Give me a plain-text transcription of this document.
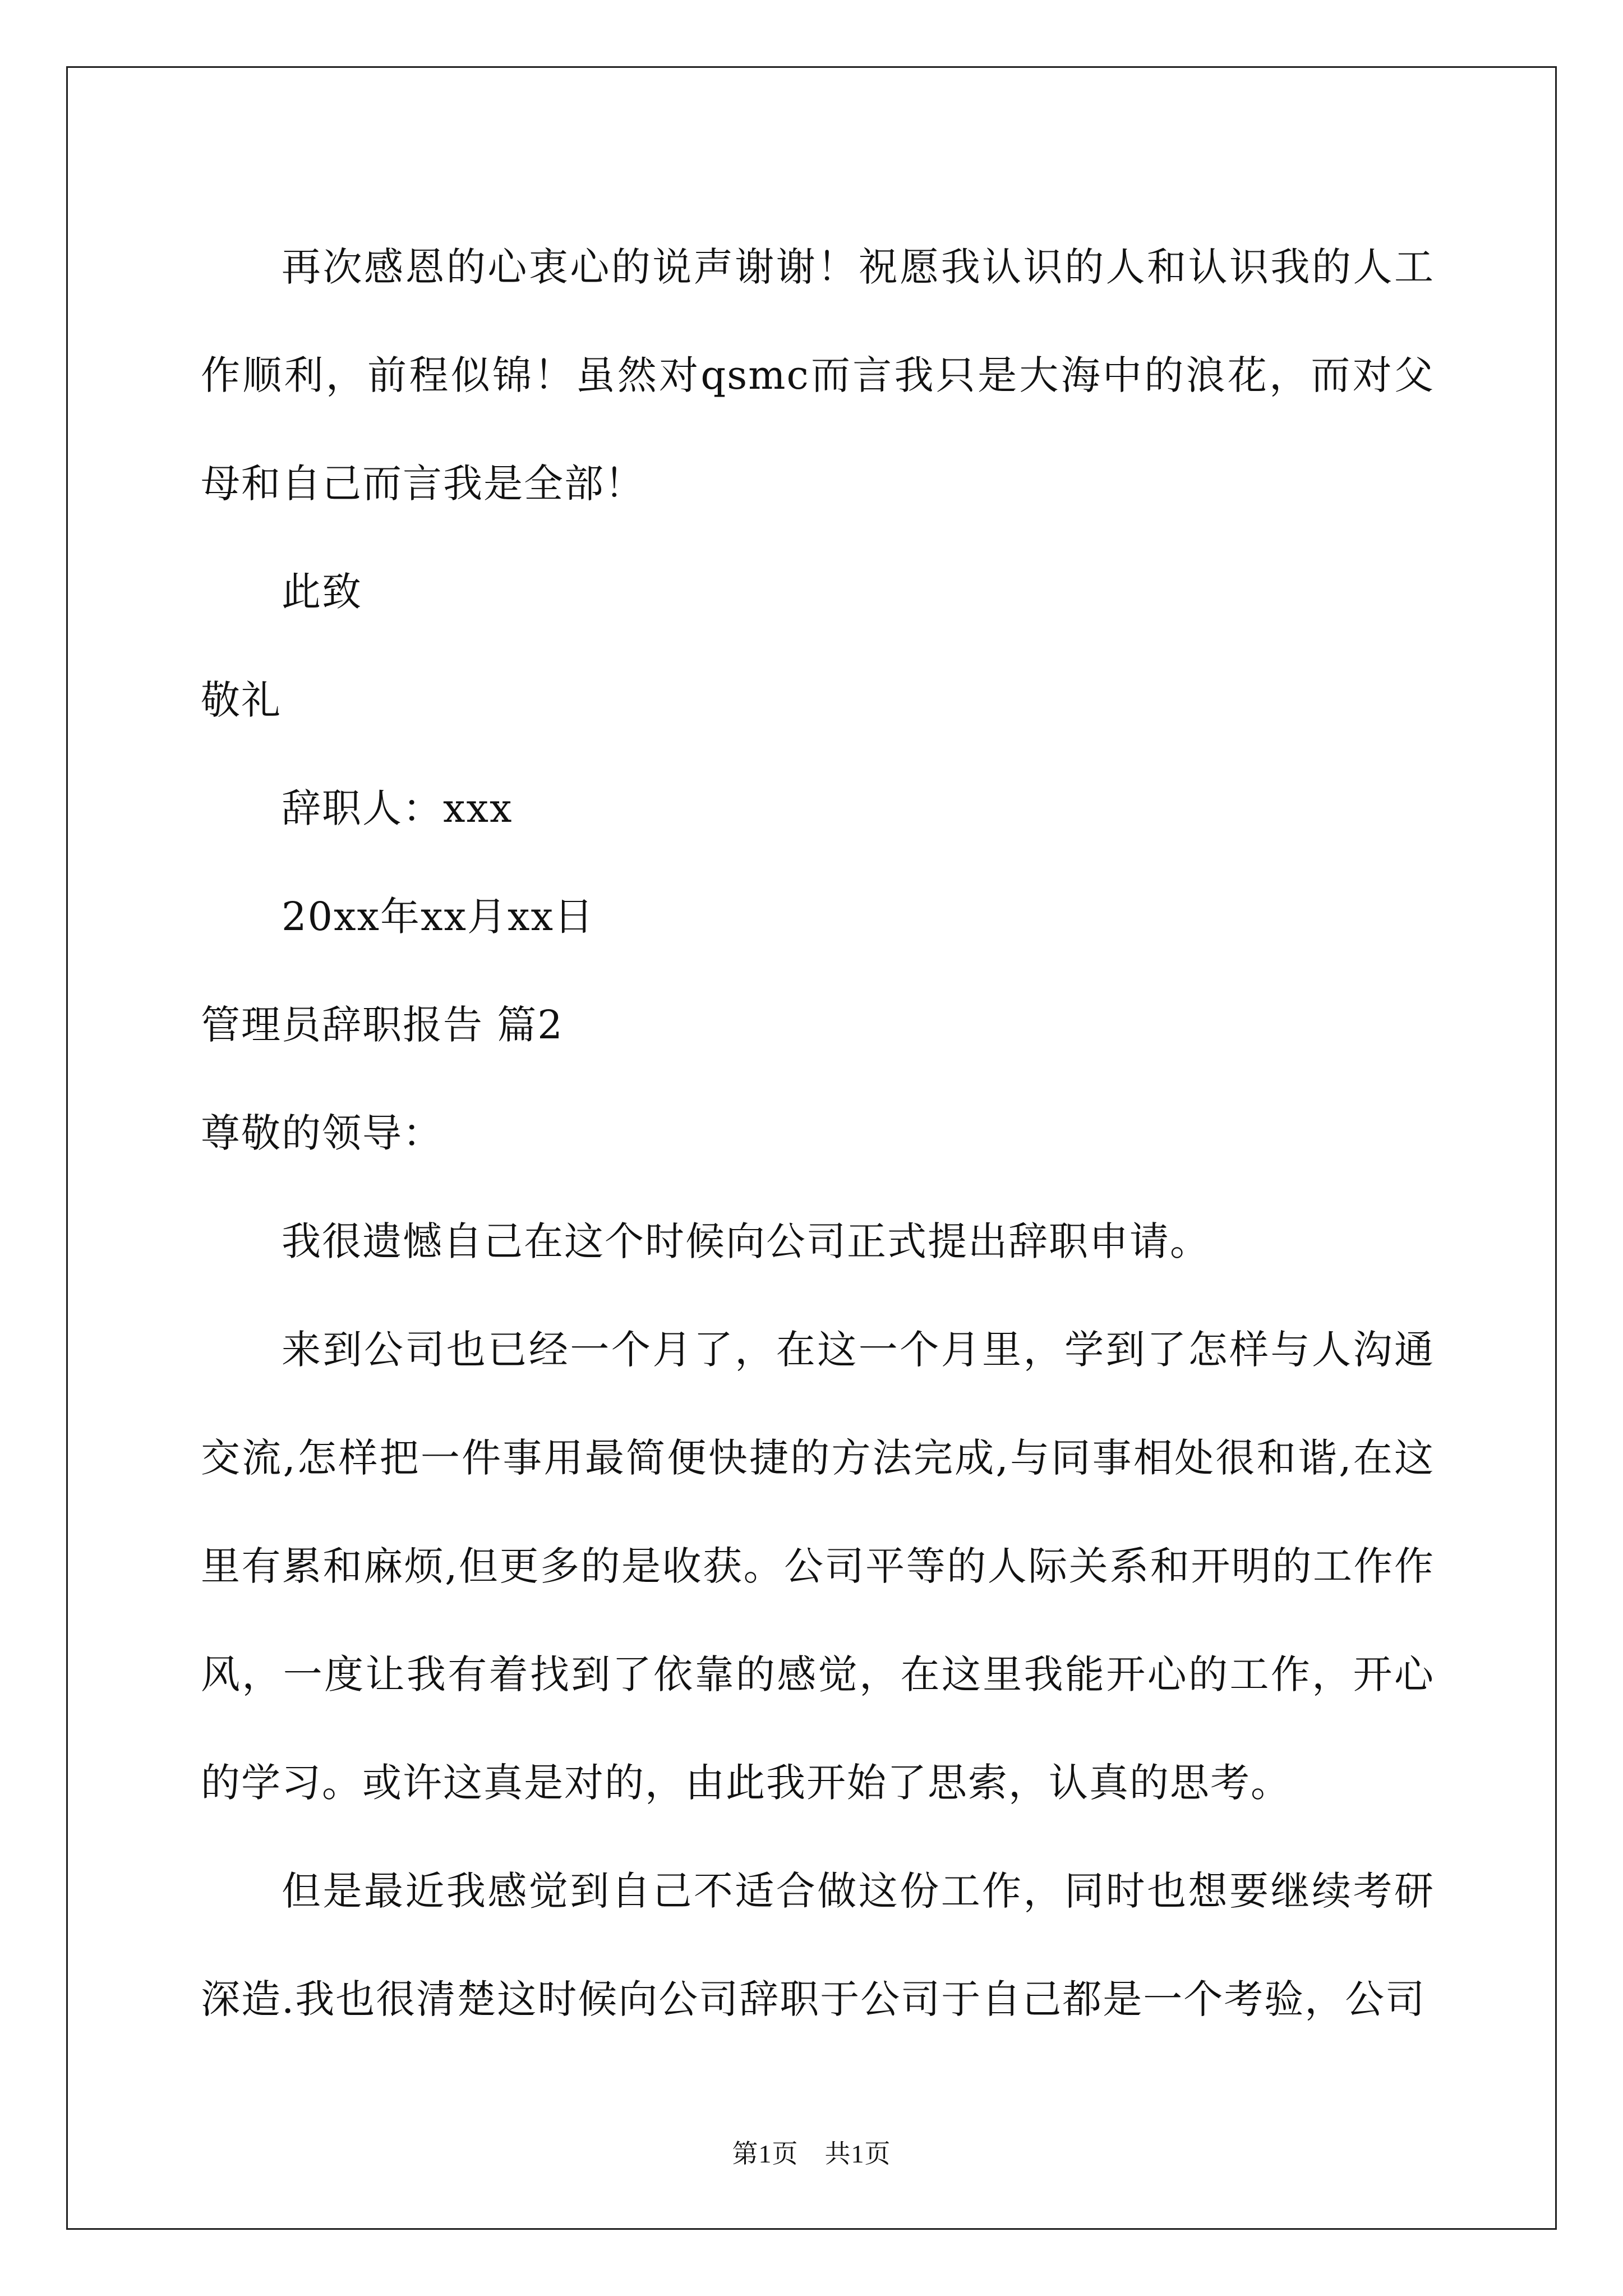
再次感恩的心衷心的说声谢谢！祝愿我认识的人和认识我的人工作顺利，前程似锦！虽然对qsmc而言我只是大海中的浪花，而对父母和自己而言我是全部！

此致

敬礼

辞职人：xxx

20xx年xx月xx日

管理员辞职报告 篇2

尊敬的领导：

我很遗憾自己在这个时候向公司正式提出辞职申请。

来到公司也已经一个月了，在这一个月里，学到了怎样与人沟通交流,怎样把一件事用最简便快捷的方法完成,与同事相处很和谐,在这里有累和麻烦,但更多的是收获。公司平等的人际关系和开明的工作作风，一度让我有着找到了依靠的感觉，在这里我能开心的工作，开心的学习。或许这真是对的，由此我开始了思索，认真的思考。

但是最近我感觉到自己不适合做这份工作，同时也想要继续考研深造.我也很清楚这时候向公司辞职于公司于自己都是一个考验，公司

第1页　共1页
